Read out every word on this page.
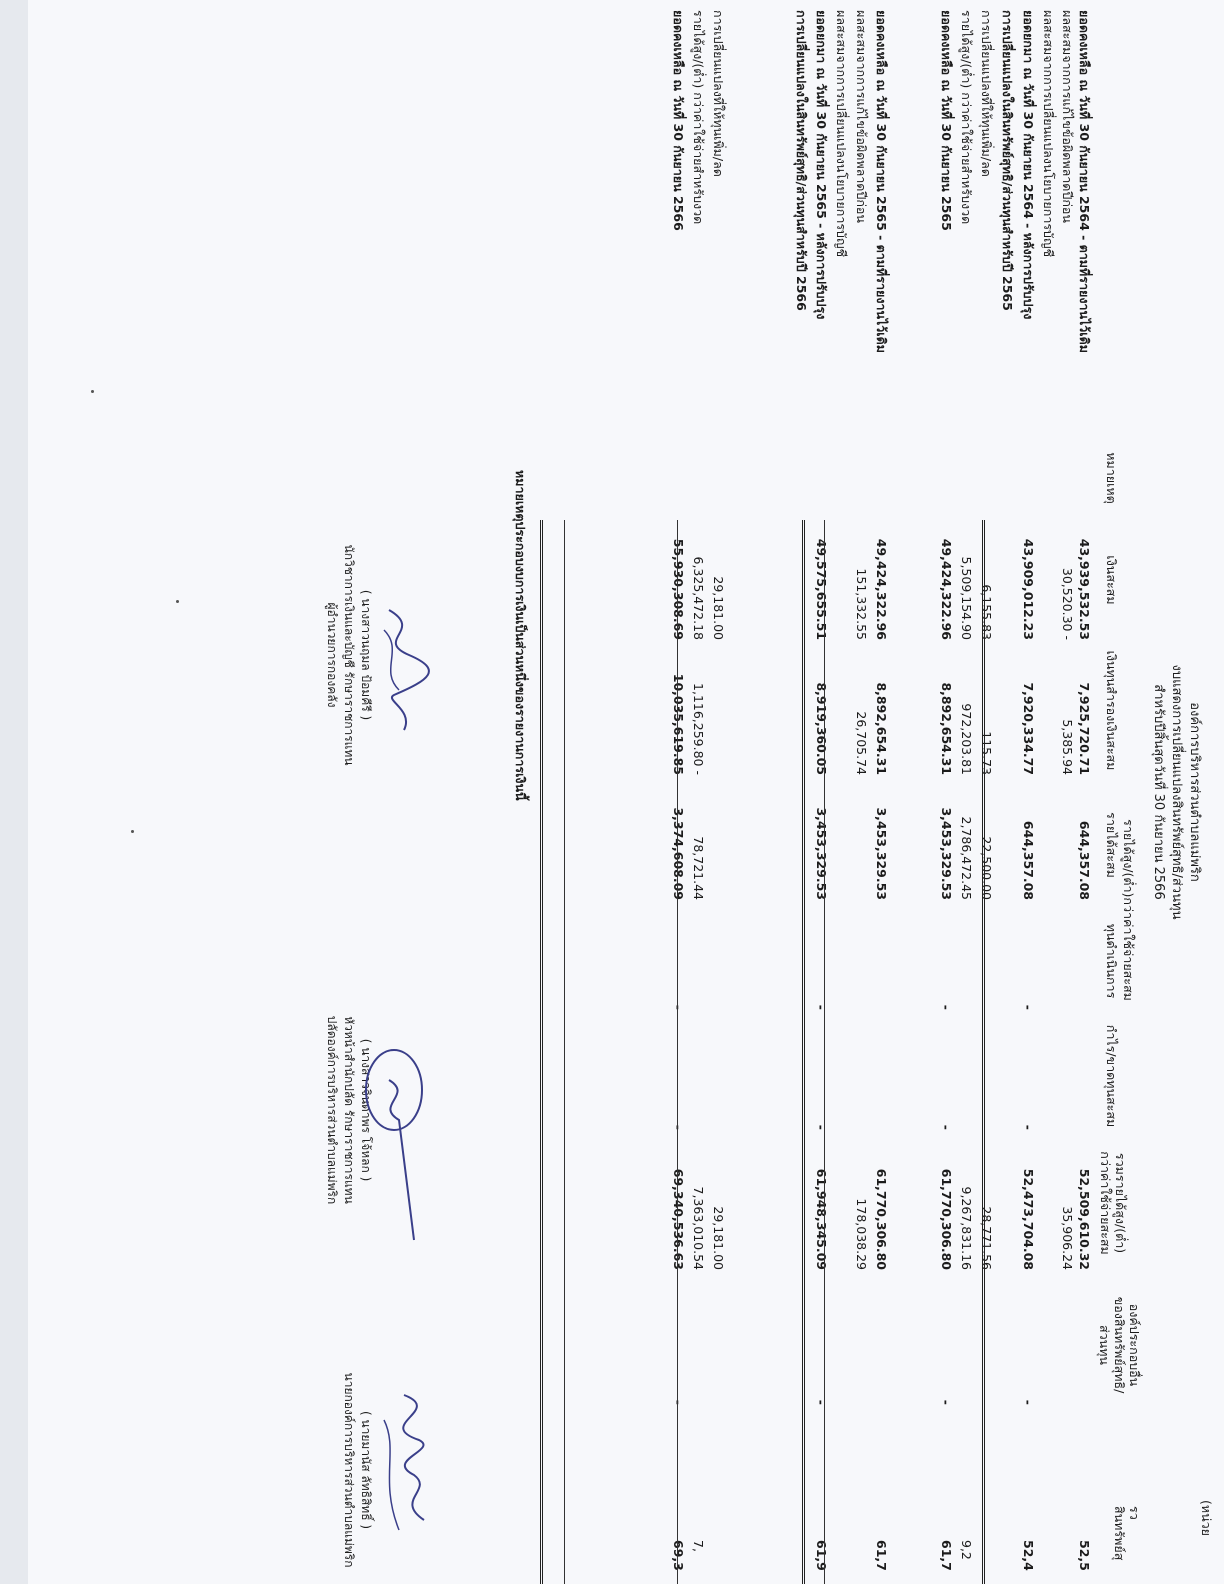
องค์การบริหารส่วนตำบลแม่พริก
งบแสดงการเปลี่ยนแปลงสินทรัพย์สุทธิ/ส่วนทุน
สำหรับปีสิ้นสุดวันที่ 30 กันยายน 2566
(หน่วย
หมายเหตุ
เงินสะสม
เงินทุนสำรองเงินสะสม
รายได้สูง/(ต่ำ)กว่าค่าใช้จ่ายสะสม
รายได้สะสม
ทุนดำเนินการ
กำไร/ขาดทุนสะสม
รวมรายได้สูง/(ต่ำ)
กว่าค่าใช้จ่ายสะสม
องค์ประกอบอื่น
ของสินทรัพย์สุทธิ/
ส่วนทุน
รว
สินทรัพย์สุ
ยอดคงเหลือ ณ วันที่ 30 กันยายน 2564 - ตามที่รายงานไว้เดิม
43,939,532.53
7,925,720.71
644,357.08
52,509,610.32
52,5
ผลสะสมจากการแก้ไขข้อผิดพลาดปีก่อน
30,520.30 -
5,385.94
35,906.24
ผลสะสมจากการเปลี่ยนแปลงนโยบายการบัญชี
ยอดยกมา ณ วันที่ 30 กันยายน 2564 - หลังการปรับปรุง
43,909,012.23
7,920,334.77
644,357.08
-
-
52,473,704.08
-
52,4
การเปลี่ยนแปลงในสินทรัพย์สุทธิ/ส่วนทุนสำหรับปี 2565
การเปลี่ยนแปลงที่ให้ทุนเพิ่ม/ลด
6,155.83
115.73
22,500.00
28,771.56
รายได้สูง/(ต่ำ) กว่าค่าใช้จ่ายสำหรับงวด
5,509,154.90
972,203.81
2,786,472.45
9,267,831.16
9,2
ยอดคงเหลือ ณ วันที่ 30 กันยายน 2565
49,424,322.96
8,892,654.31
3,453,329.53
-
-
61,770,306.80
-
61,7
ยอดคงเหลือ ณ วันที่ 30 กันยายน 2565 - ตามที่รายงานไว้เดิม
49,424,322.96
8,892,654.31
3,453,329.53
61,770,306.80
61,7
ผลสะสมจากการแก้ไขข้อผิดพลาดปีก่อน
151,332.55
26,705.74
178,038.29
ผลสะสมจากการเปลี่ยนแปลงนโยบายการบัญชี
ยอดยกมา ณ วันที่ 30 กันยายน 2565 - หลังการปรับปรุง
49,575,655.51
8,919,360.05
3,453,329.53
-
-
61,948,345.09
-
61,9
การเปลี่ยนแปลงในสินทรัพย์สุทธิ/ส่วนทุนสำหรับปี 2566
การเปลี่ยนแปลงที่ให้ทุนเพิ่ม/ลด
29,181.00
29,181.00
รายได้สูง/(ต่ำ) กว่าค่าใช้จ่ายสำหรับงวด
6,325,472.18
1,116,259.80 -
78,721.44
7,363,010.54
7,
ยอดคงเหลือ ณ วันที่ 30 กันยายน 2566
55,930,308.69
10,035,619.85
3,374,608.09
-
-
69,340,536.63
-
69,3
หมายเหตุประกอบงบการเงินเป็นส่วนหนึ่งของรายงานการเงินนี้
( นางสาวนฤมล ป้อมคีรี )
นักวิชาการเงินและบัญชี รักษาราชการแทน
ผู้อำนวยการกองคลัง
( นางสาวจินดาพร โจ้หลก )
หัวหน้าสำนักปลัด รักษาราชการแทน
ปลัดองค์การบริหารส่วนตำบลแม่พริก
( นายมานัส ลัทธิสิทธิ์ )
นายกองค์การบริหารส่วนตำบลแม่พริก
